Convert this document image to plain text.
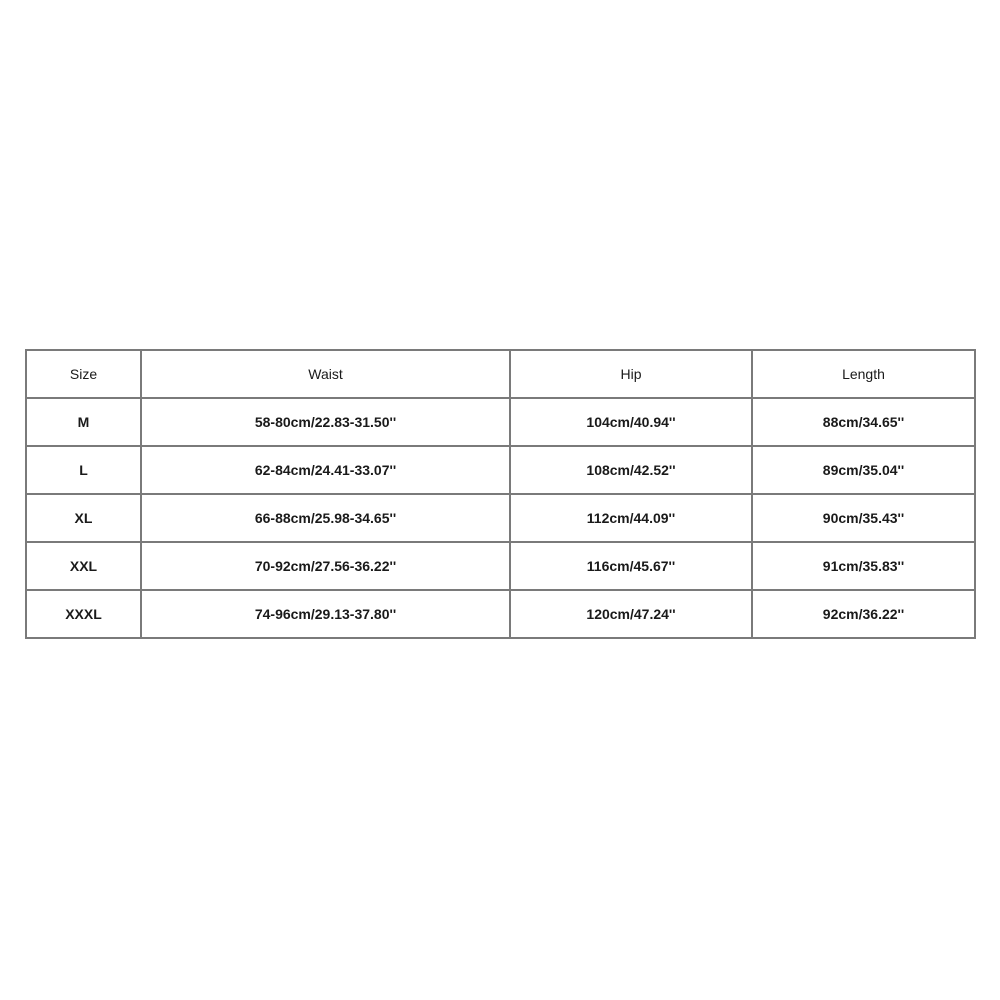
Size	Waist	Hip	Length
M	58-80cm/22.83-31.50''	104cm/40.94''	88cm/34.65''
L	62-84cm/24.41-33.07''	108cm/42.52''	89cm/35.04''
XL	66-88cm/25.98-34.65''	112cm/44.09''	90cm/35.43''
XXL	70-92cm/27.56-36.22''	116cm/45.67''	91cm/35.83''
XXXL	74-96cm/29.13-37.80''	120cm/47.24''	92cm/36.22''
